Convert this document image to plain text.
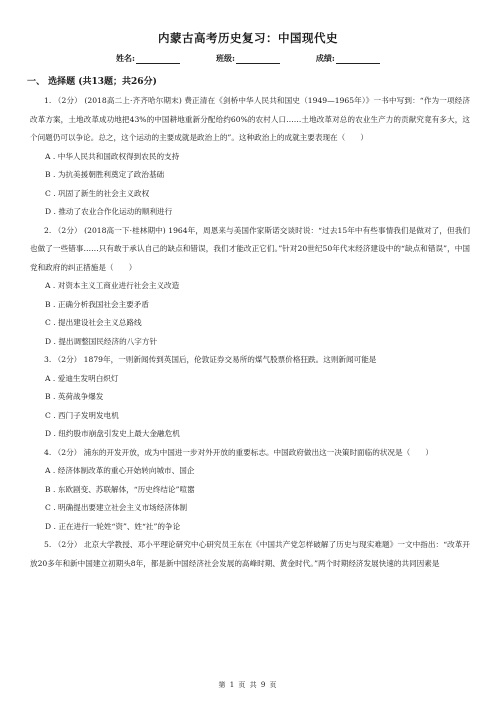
内蒙古高考历史复习：中国现代史
姓名:	班级:	成绩:
一、 选择题 (共13题；共26分)
1. （2分） (2018高二上·齐齐哈尔期末) 费正清在《剑桥中华人民共和国史（1949—1965年）》一书中写到：“作为一项经济改革方案，土地改革成功地把43%的中国耕地重新分配给约60%的农村人口……土地改革对总的农业生产力的贡献究竟有多大，这个问题仍可以争论。总之，这个运动的主要成就是政治上的”。这种政治上的成就主要表现在（　　）
A . 中华人民共和国政权得到农民的支持
B . 为抗美援朝胜利奠定了政治基础
C . 巩固了新生的社会主义政权
D . 推动了农业合作化运动的顺利进行
2. （2分） (2018高一下·桂林期中) 1964年，周恩来与美国作家斯诺交谈时说：“过去15年中有些事情我们是做对了，但我们也做了一些错事……只有敢于承认自己的缺点和错误，我们才能改正它们。”针对20世纪50年代末经济建设中的“缺点和错误”，中国党和政府的纠正措施是（　　）
A . 对资本主义工商业进行社会主义改造
B . 正确分析我国社会主要矛盾
C . 提出建设社会主义总路线
D . 提出调整国民经济的八字方针
3. （2分） 1879年，一则新闻传到英国后，伦敦证券交易所的煤气股票价格狂跌。这则新闻可能是
A . 爱迪生发明白炽灯
B . 英荷战争爆发
C . 西门子发明发电机
D . 纽约股市崩盘引发史上最大金融危机
4. （2分） 浦东的开发开放，成为中国进一步对外开放的重要标志。中国政府做出这一决策时面临的状况是（　　）
A . 经济体制改革的重心开始转向城市、国企
B . 东欧剧变、苏联解体，“历史终结论”喧嚣
C . 明确提出要建立社会主义市场经济体制
D . 正在进行一轮姓“资”、姓“社”的争论
5. （2分） 北京大学教授、邓小平理论研究中心研究员王东在《中国共产党怎样破解了历史与现实难题》一文中指出：“改革开放20多年和新中国建立初期头8年，都是新中国经济社会发展的高峰时期、黄金时代。”两个时期经济发展快速的共同因素是
第 1 页 共 9 页
